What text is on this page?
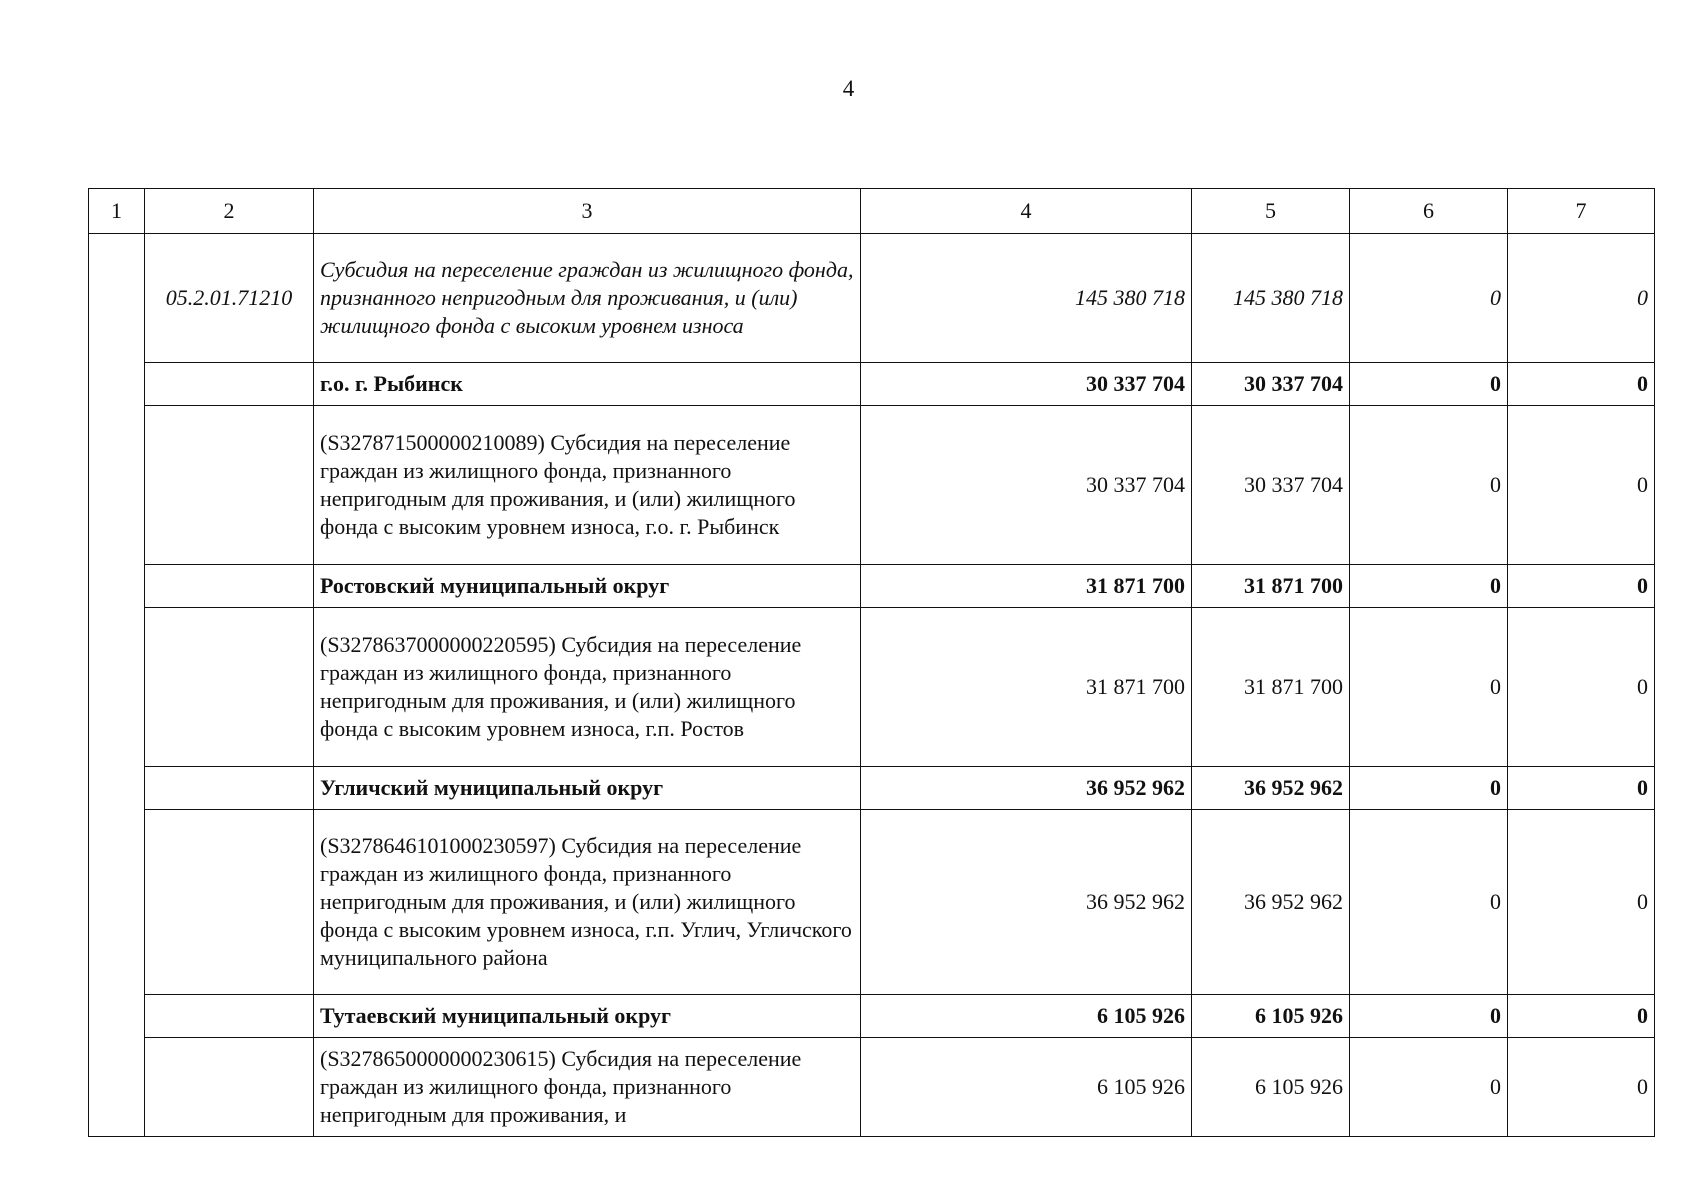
4
1	2	3	4	5	6	7
	05.2.01.71210	Субсидия на переселение граждан из жилищного фонда, признанного непригодным для проживания, и (или) жилищного фонда с высоким уровнем износа	145 380 718	145 380 718	0	0
		г.о. г. Рыбинск	30 337 704	30 337 704	0	0
		(S327871500000210089) Субсидия на переселение граждан из жилищного фонда, признанного непригодным для проживания, и (или) жилищного фонда с высоким уровнем износа, г.о. г. Рыбинск	30 337 704	30 337 704	0	0
		Ростовский муниципальный округ	31 871 700	31 871 700	0	0
		(S3278637000000220595) Субсидия на переселение граждан из жилищного фонда, признанного непригодным для проживания, и (или) жилищного фонда с высоким уровнем износа, г.п. Ростов	31 871 700	31 871 700	0	0
		Угличский муниципальный округ	36 952 962	36 952 962	0	0
		(S3278646101000230597) Субсидия на переселение граждан из жилищного фонда, признанного непригодным для проживания, и (или) жилищного фонда с высоким уровнем износа, г.п. Углич, Угличского муниципального района	36 952 962	36 952 962	0	0
		Тутаевский муниципальный округ	6 105 926	6 105 926	0	0
		(S3278650000000230615) Субсидия на переселение граждан из жилищного фонда, признанного непригодным для проживания, и	6 105 926	6 105 926	0	0
